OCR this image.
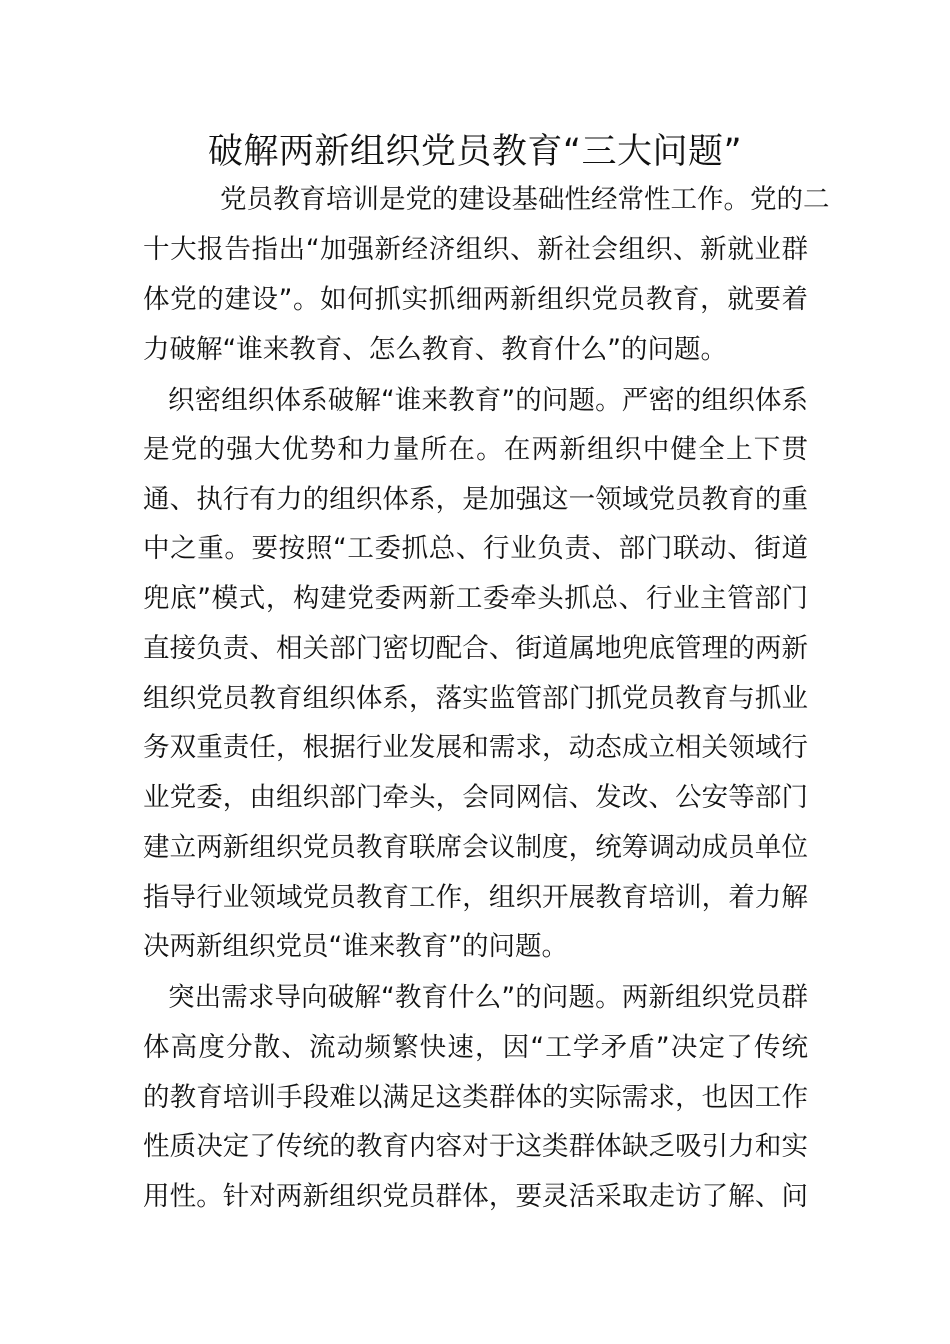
破解两新组织党员教育“三大问题”

党员教育培训是党的建设基础性经常性工作。党的二

十大报告指出“加强新经济组织、新社会组织、新就业群

体党的建设”。如何抓实抓细两新组织党员教育，就要着

力破解“谁来教育、怎么教育、教育什么”的问题。

织密组织体系破解“谁来教育”的问题。严密的组织体系

是党的强大优势和力量所在。在两新组织中健全上下贯

通、执行有力的组织体系，是加强这一领域党员教育的重

中之重。要按照“工委抓总、行业负责、部门联动、街道

兜底”模式，构建党委两新工委牵头抓总、行业主管部门

直接负责、相关部门密切配合、街道属地兜底管理的两新

组织党员教育组织体系，落实监管部门抓党员教育与抓业

务双重责任，根据行业发展和需求，动态成立相关领域行

业党委，由组织部门牵头，会同网信、发改、公安等部门

建立两新组织党员教育联席会议制度，统筹调动成员单位

指导行业领域党员教育工作，组织开展教育培训，着力解

决两新组织党员“谁来教育”的问题。

突出需求导向破解“教育什么”的问题。两新组织党员群

体高度分散、流动频繁快速，因“工学矛盾”决定了传统

的教育培训手段难以满足这类群体的实际需求，也因工作

性质决定了传统的教育内容对于这类群体缺乏吸引力和实

用性。针对两新组织党员群体，要灵活采取走访了解、问
